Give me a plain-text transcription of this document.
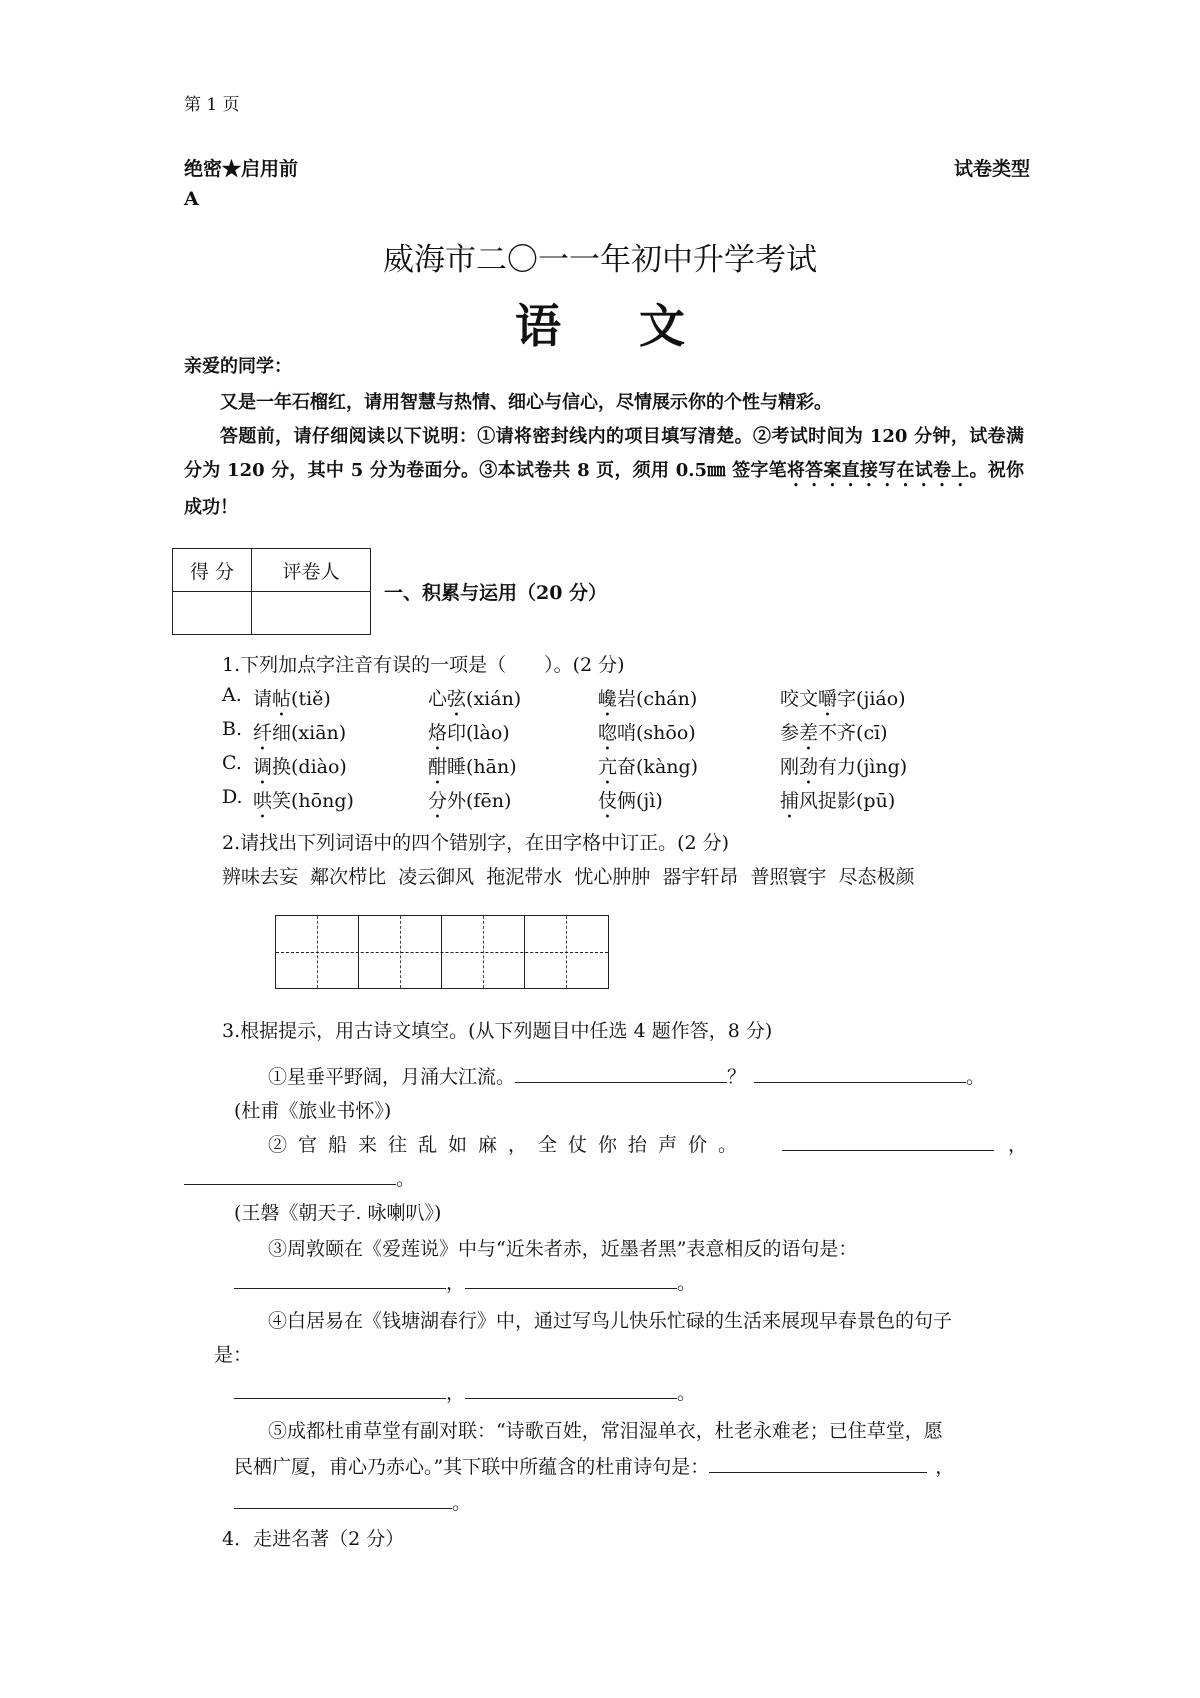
第 1 页
绝密★启用前	试卷类型
A
威海市二〇一一年初中升学考试
语文

亲爱的同学：

又是一年石榴红，请用智慧与热情、细心与信心，尽情展示你的个性与精彩。

答题前，请仔细阅读以下说明：①请将密封线内的项目填写清楚。②考试时间为 120 分钟，试卷满分为 120 分，其中 5 分为卷面分。③本试卷共 8 页，须用 0.5㎜ 签字笔将答案直接写在试卷上。祝你成功！

得 分	评卷人

一、积累与运用（20 分）
1.下列加点字注音有误的一项是（　　）。(2 分)
A. 请帖(tiě)	心弦(xián)	巉岩(chán)	咬文嚼字(jiáo)
B. 纤细(xiān)	烙印(lào)	唿哨(shōo)	参差不齐(cī)
C. 调换(diào)	酣睡(hān)	亢奋(kàng)	刚劲有力(jìng)
D. 哄笑(hōng)	分外(fēn)	伎俩(jì)	捕风捉影(pū)
2.请找出下列词语中的四个错别字，在田字格中订正。(2 分)
辨味去妄  鄰次栉比  凌云御风  拖泥带水  忧心肿肿  器宇轩昂  普照寰宇  尽态极颜
3.根据提示，用古诗文填空。(从下列题目中任选 4 题作答，8 分)
①星垂平野阔，月涌大江流。	？	。
(杜甫《旅业书怀》)
②官船来往乱如麻，全仗你抬声价。	，
。
(王磐《朝天子. 咏喇叭》)
③周敦颐在《爱莲说》中与“近朱者赤，近墨者黑”表意相反的语句是：
，	。
④白居易在《钱塘湖春行》中，通过写鸟儿快乐忙碌的生活来展现早春景色的句子
是：
，	。
⑤成都杜甫草堂有副对联：“诗歌百姓，常泪湿单衣，杜老永难老；已住草堂，愿
民栖广厦，甫心乃赤心。”其下联中所蕴含的杜甫诗句是：	，
。
4．走进名著（2 分）
